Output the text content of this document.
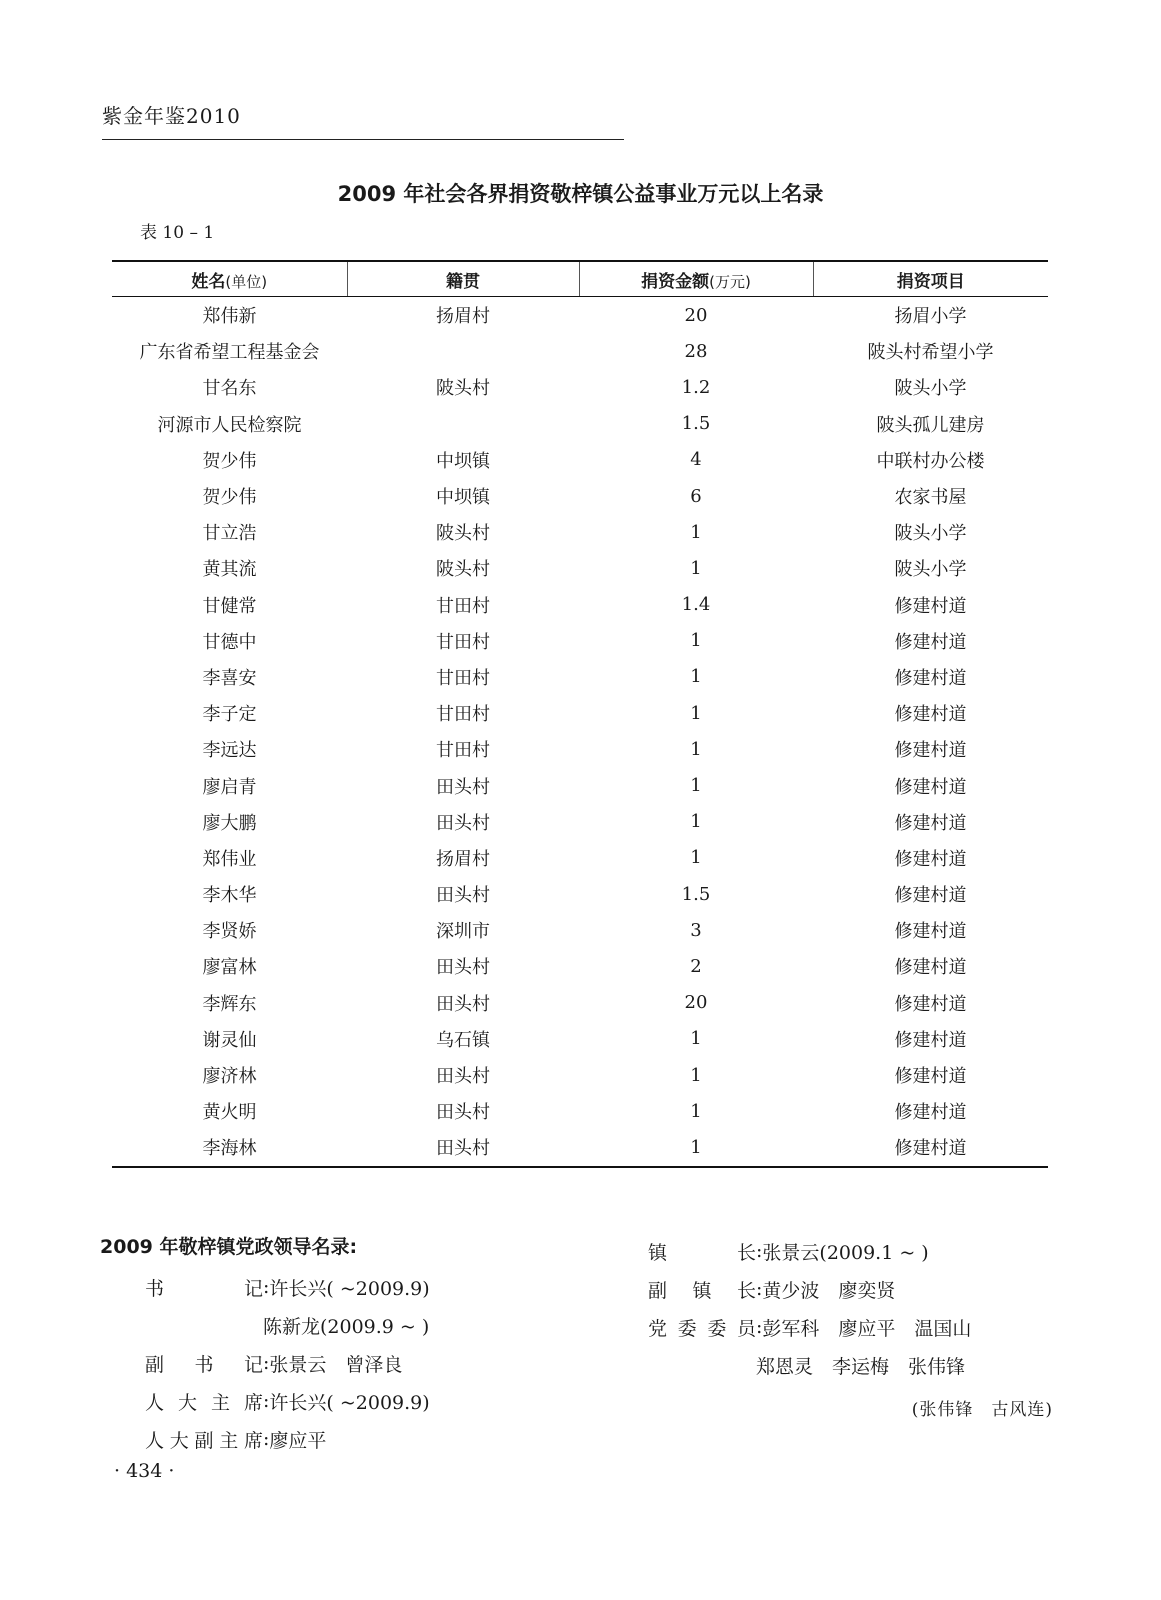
紫金年鉴2010
2009 年社会各界捐资敬梓镇公益事业万元以上名录
表 10 – 1
姓名(单位)	籍贯	捐资金额(万元)	捐资项目
郑伟新	扬眉村	20	扬眉小学
广东省希望工程基金会		28	陂头村希望小学
甘名东	陂头村	1.2	陂头小学
河源市人民检察院		1.5	陂头孤儿建房
贺少伟	中坝镇	4	中联村办公楼
贺少伟	中坝镇	6	农家书屋
甘立浩	陂头村	1	陂头小学
黄其流	陂头村	1	陂头小学
甘健常	甘田村	1.4	修建村道
甘德中	甘田村	1	修建村道
李喜安	甘田村	1	修建村道
李子定	甘田村	1	修建村道
李远达	甘田村	1	修建村道
廖启青	田头村	1	修建村道
廖大鹏	田头村	1	修建村道
郑伟业	扬眉村	1	修建村道
李木华	田头村	1.5	修建村道
李贤娇	深圳市	3	修建村道
廖富林	田头村	2	修建村道
李辉东	田头村	20	修建村道
谢灵仙	乌石镇	1	修建村道
廖济林	田头村	1	修建村道
黄火明	田头村	1	修建村道
李海林	田头村	1	修建村道
2009 年敬梓镇党政领导名录:
书记 : 许长兴( ~2009.9)
陈新龙(2009.9 ~ )
副书记 : 张景云　曾泽良
人大主席 : 许长兴( ~2009.9)
人大副主席 : 廖应平
镇长 : 张景云(2009.1 ~ )
副镇长 : 黄少波　廖奕贤
党委委员 : 彭军科　廖应平　温国山
郑恩灵　李运梅　张伟锋
(张伟锋　古风连)
· 434 ·
